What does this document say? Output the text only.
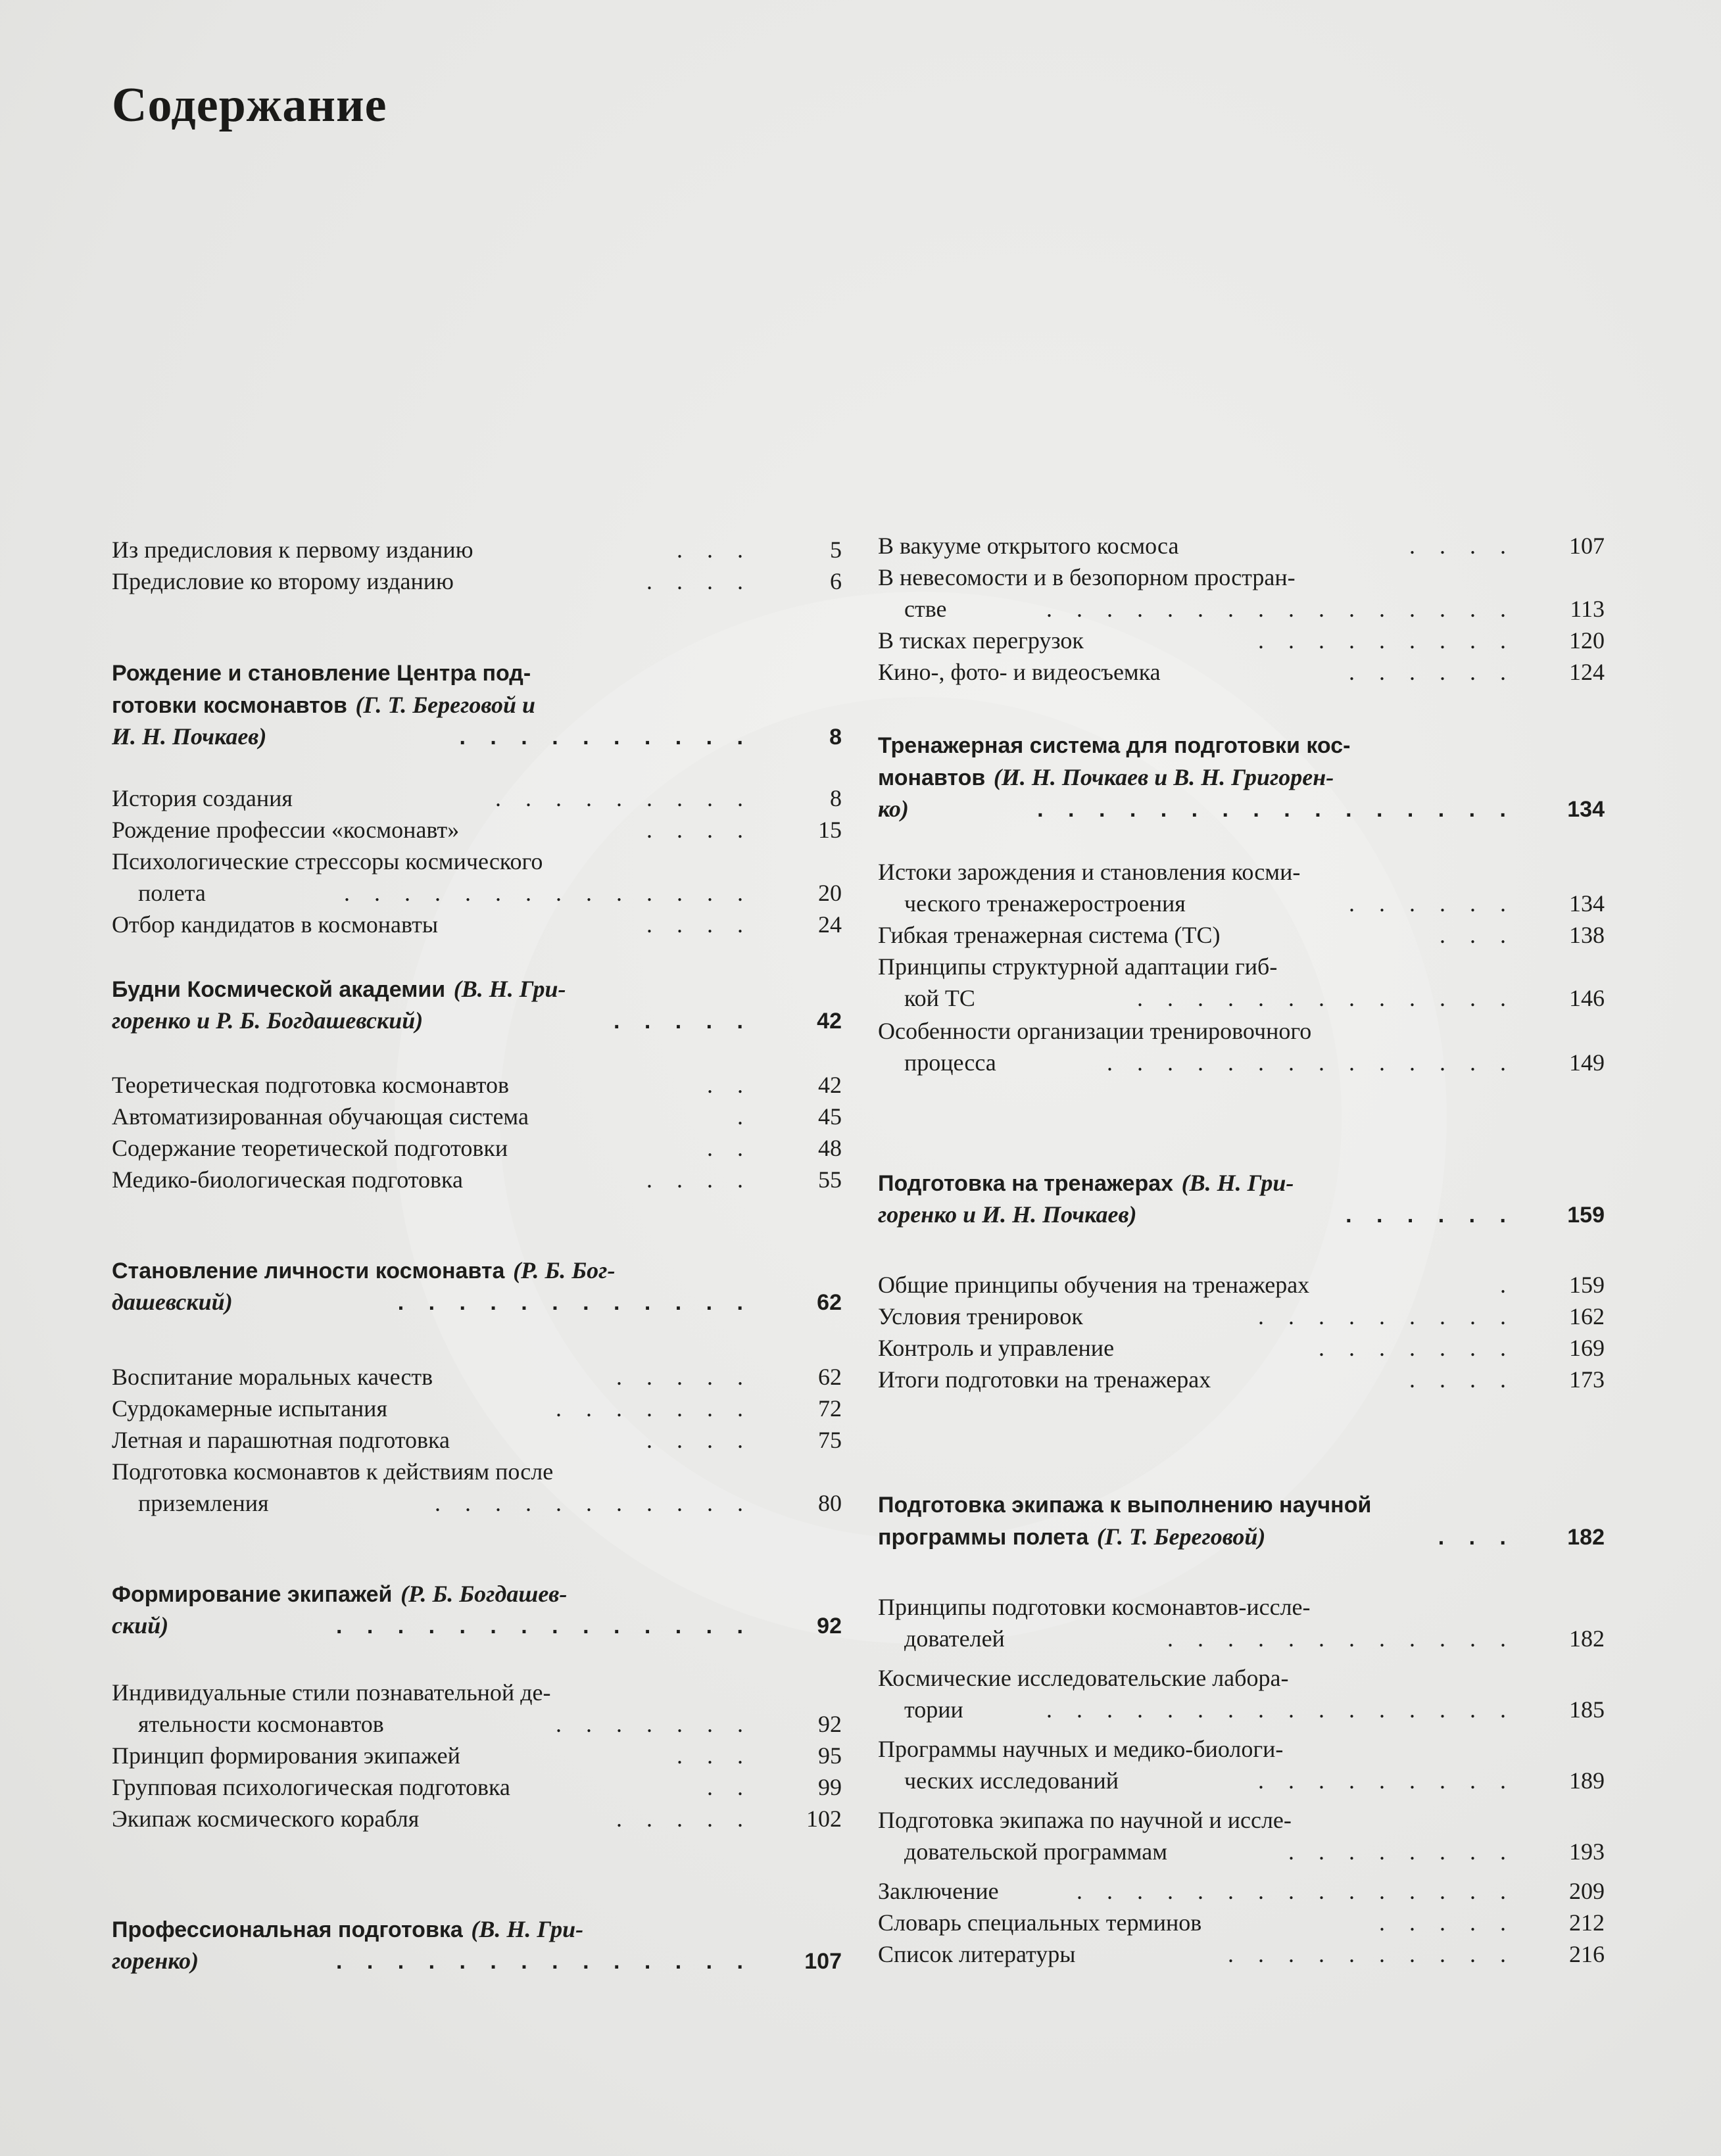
Содержание
Из предисловия к первому изданию	. . .	5
Предисловие ко второму изданию	. . . .	6
Рождение и становление Центра под-
готовки космонавтов (Г. Т. Береговой и
И. Н. Почкаев)	. . . . . . . . . .	8
История создания	. . . . . . . . .	8
Рождение профессии «космонавт»	. . . .	15
Психологические стрессоры космического
полета	. . . . . . . . . . . . . .	20
Отбор кандидатов в космонавты	. . . .	24
Будни Космической академии (В. Н. Гри-
горенко и Р. Б. Богдашевский)	. . . . .	42
Теоретическая подготовка космонавтов	. .	42
Автоматизированная обучающая система	.	45
Содержание теоретической подготовки	. .	48
Медико-биологическая подготовка	. . . .	55
Становление личности космонавта (Р. Б. Бог-
дашевский)	. . . . . . . . . . . .	62
Воспитание моральных качеств	. . . . .	62
Сурдокамерные испытания	. . . . . . .	72
Летная и парашютная подготовка	. . . .	75
Подготовка космонавтов к действиям после
приземления	. . . . . . . . . . .	80
Формирование экипажей (Р. Б. Богдашев-
ский)	. . . . . . . . . . . . . .	92
Индивидуальные стили познавательной де-
ятельности космонавтов	. . . . . . .	92
Принцип формирования экипажей	. . .	95
Групповая психологическая подготовка	. .	99
Экипаж космического корабля	. . . . .	102
Профессиональная подготовка (В. Н. Гри-
горенко)	. . . . . . . . . . . . . .	107
В вакууме открытого космоса	. . . .	107
В невесомости и в безопорном простран-
стве	. . . . . . . . . . . . . . . .	113
В тисках перегрузок	. . . . . . . . .	120
Кино-, фото- и видеосъемка	. . . . . .	124
Тренажерная система для подготовки кос-
монавтов (И. Н. Почкаев и В. Н. Григорен-
ко)	. . . . . . . . . . . . . . . .	134
Истоки зарождения и становления косми-
ческого тренажеростроения	. . . . . .	134
Гибкая тренажерная система (ТС)	. . .	138
Принципы структурной адаптации гиб-
кой ТС	. . . . . . . . . . . . .	146
Особенности организации тренировочного
процесса	. . . . . . . . . . . . . .	149
Подготовка на тренажерах (В. Н. Гри-
горенко и И. Н. Почкаев)	. . . . . .	159
Общие принципы обучения на тренажерах	.	159
Условия тренировок	. . . . . . . . .	162
Контроль и управление	. . . . . . .	169
Итоги подготовки на тренажерах	. . . .	173
Подготовка экипажа к выполнению научной
программы полета (Г. Т. Береговой)	. . .	182
Принципы подготовки космонавтов-иссле-
дователей	. . . . . . . . . . . .	182
Космические исследовательские лабора-
тории	. . . . . . . . . . . . . . . .	185
Программы научных и медико-биологи-
ческих исследований	. . . . . . . . .	189
Подготовка экипажа по научной и иссле-
довательской программам	. . . . . . . .	193
Заключение	. . . . . . . . . . . . . . .	209
Словарь специальных терминов	. . . . .	212
Список литературы	. . . . . . . . . .	216
